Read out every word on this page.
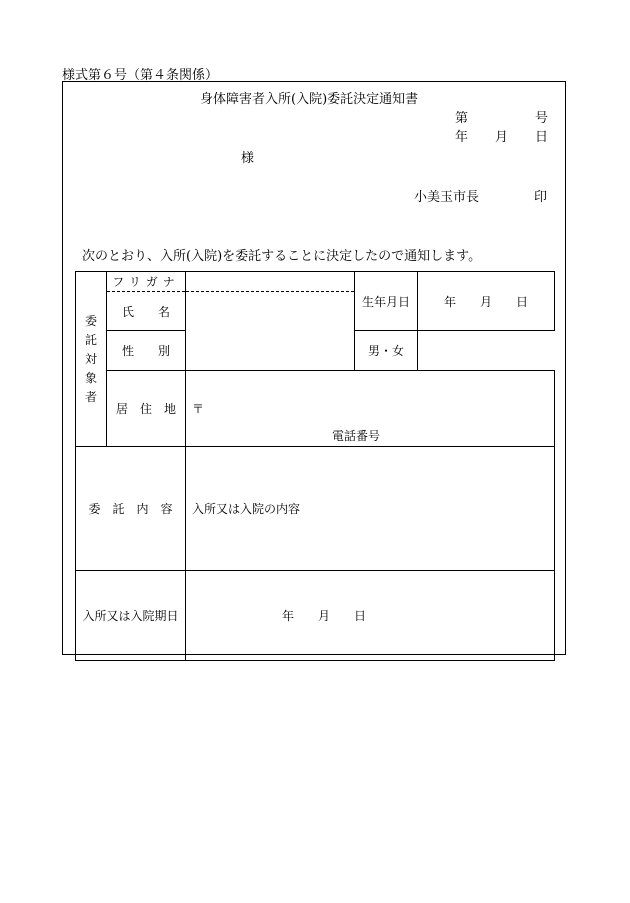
様式第６号（第４条関係）
身体障害者入所(入院)委託決定通知書
第	号
年 月 日
様
小美玉市長	印
次のとおり、入所(入院)を委託することに決定したので通知します。
委託対象者	フリガナ		生年月日	年　　月　　日
	氏　　名			
	性　　別		男・女	
	居　住　地	〒
電話番号		

委　託　内　容		入所又は入院の内容		

入所又は入院期日		年　　月　　日		
